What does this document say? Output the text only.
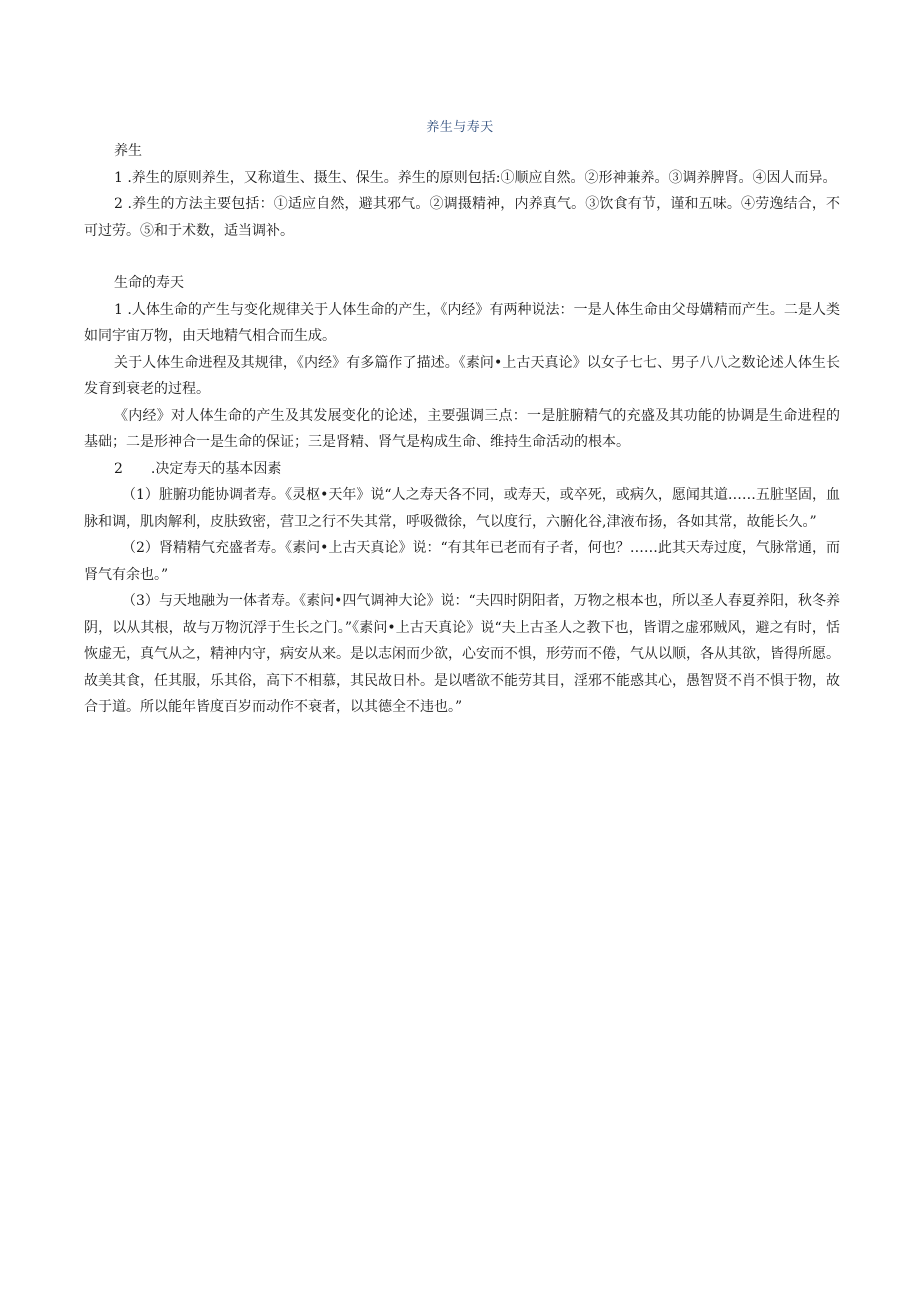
养生与寿天

养生

1 .养生的原则养生，又称道生、摄生、保生。养生的原则包括:①顺应自然。②形神兼养。③调养脾肾。④因人而异。

2 .养生的方法主要包括：①适应自然，避其邪气。②调摄精神，内养真气。③饮食有节，谨和五味。④劳逸结合，不可过劳。⑤和于术数，适当调补。

生命的寿天

1 .人体生命的产生与变化规律关于人体生命的产生，《内经》有两种说法：一是人体生命由父母媾精而产生。二是人类如同宇宙万物，由天地精气相合而生成。

关于人体生命进程及其规律，《内经》有多篇作了描述。《素问•上古天真论》以女子七七、男子八八之数论述人体生长发育到衰老的过程。

《内经》对人体生命的产生及其发展变化的论述，主要强调三点：一是脏腑精气的充盛及其功能的协调是生命进程的基础；二是形神合一是生命的保证；三是肾精、肾气是构成生命、维持生命活动的根本。

2　　.决定寿天的基本因素

（1）脏腑功能协调者寿。《灵枢•天年》说“人之寿天各不同，或寿天，或卒死，或病久，愿闻其道……五脏坚固，血脉和调，肌肉解利，皮肤致密，营卫之行不失其常，呼吸微徐，气以度行，六腑化谷,津液布扬，各如其常，故能长久。”

（2）肾精精气充盛者寿。《素问•上古天真论》说：“有其年已老而有子者，何也？……此其天寿过度，气脉常通，而肾气有余也。”

（3）与天地融为一体者寿。《素问•四气调神大论》说：“夫四时阴阳者，万物之根本也，所以圣人春夏养阳，秋冬养阴，以从其根，故与万物沉浮于生长之门。”《素问•上古天真论》说“夫上古圣人之教下也，皆谓之虚邪贼风，避之有时，恬恢虚无，真气从之，精神内守，病安从来。是以志闲而少欲，心安而不惧，形劳而不倦，气从以顺，各从其欲，皆得所愿。故美其食，任其服，乐其俗，高下不相慕，其民故日朴。是以嗜欲不能劳其目，淫邪不能惑其心，愚智贤不肖不惧于物，故合于道。所以能年皆度百岁而动作不衰者，以其德全不违也。”
